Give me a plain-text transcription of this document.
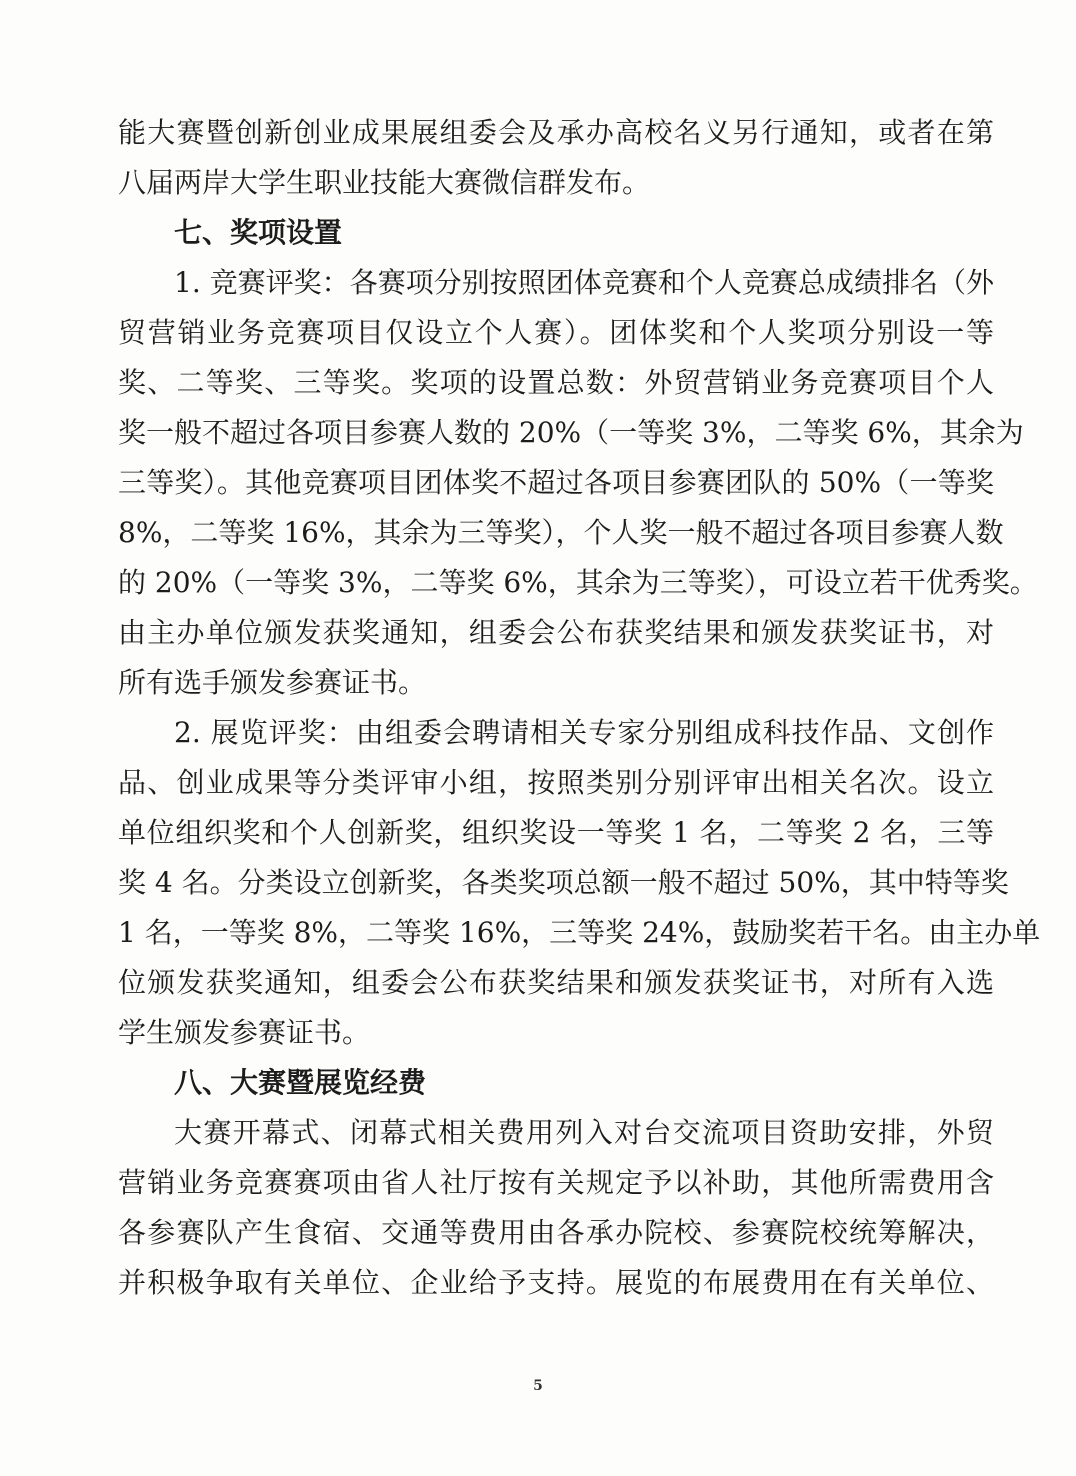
能大赛暨创新创业成果展组委会及承办高校名义另行通知，或者在第
八届两岸大学生职业技能大赛微信群发布。
七、奖项设置
1. 竞赛评奖：各赛项分别按照团体竞赛和个人竞赛总成绩排名（外
贸营销业务竞赛项目仅设立个人赛）。团体奖和个人奖项分别设一等
奖、二等奖、三等奖。奖项的设置总数：外贸营销业务竞赛项目个人
奖一般不超过各项目参赛人数的 20%（一等奖 3%，二等奖 6%，其余为
三等奖）。其他竞赛项目团体奖不超过各项目参赛团队的 50%（一等奖
8%，二等奖 16%，其余为三等奖），个人奖一般不超过各项目参赛人数
的 20%（一等奖 3%，二等奖 6%，其余为三等奖），可设立若干优秀奖。
由主办单位颁发获奖通知，组委会公布获奖结果和颁发获奖证书，对
所有选手颁发参赛证书。
2. 展览评奖：由组委会聘请相关专家分别组成科技作品、文创作
品、创业成果等分类评审小组，按照类别分别评审出相关名次。设立
单位组织奖和个人创新奖，组织奖设一等奖 1 名，二等奖 2 名，三等
奖 4 名。分类设立创新奖，各类奖项总额一般不超过 50%，其中特等奖
1 名，一等奖 8%，二等奖 16%，三等奖 24%，鼓励奖若干名。由主办单
位颁发获奖通知，组委会公布获奖结果和颁发获奖证书，对所有入选
学生颁发参赛证书。
八、大赛暨展览经费
大赛开幕式、闭幕式相关费用列入对台交流项目资助安排，外贸
营销业务竞赛赛项由省人社厅按有关规定予以补助，其他所需费用含
各参赛队产生食宿、交通等费用由各承办院校、参赛院校统筹解决，
并积极争取有关单位、企业给予支持。展览的布展费用在有关单位、
5
